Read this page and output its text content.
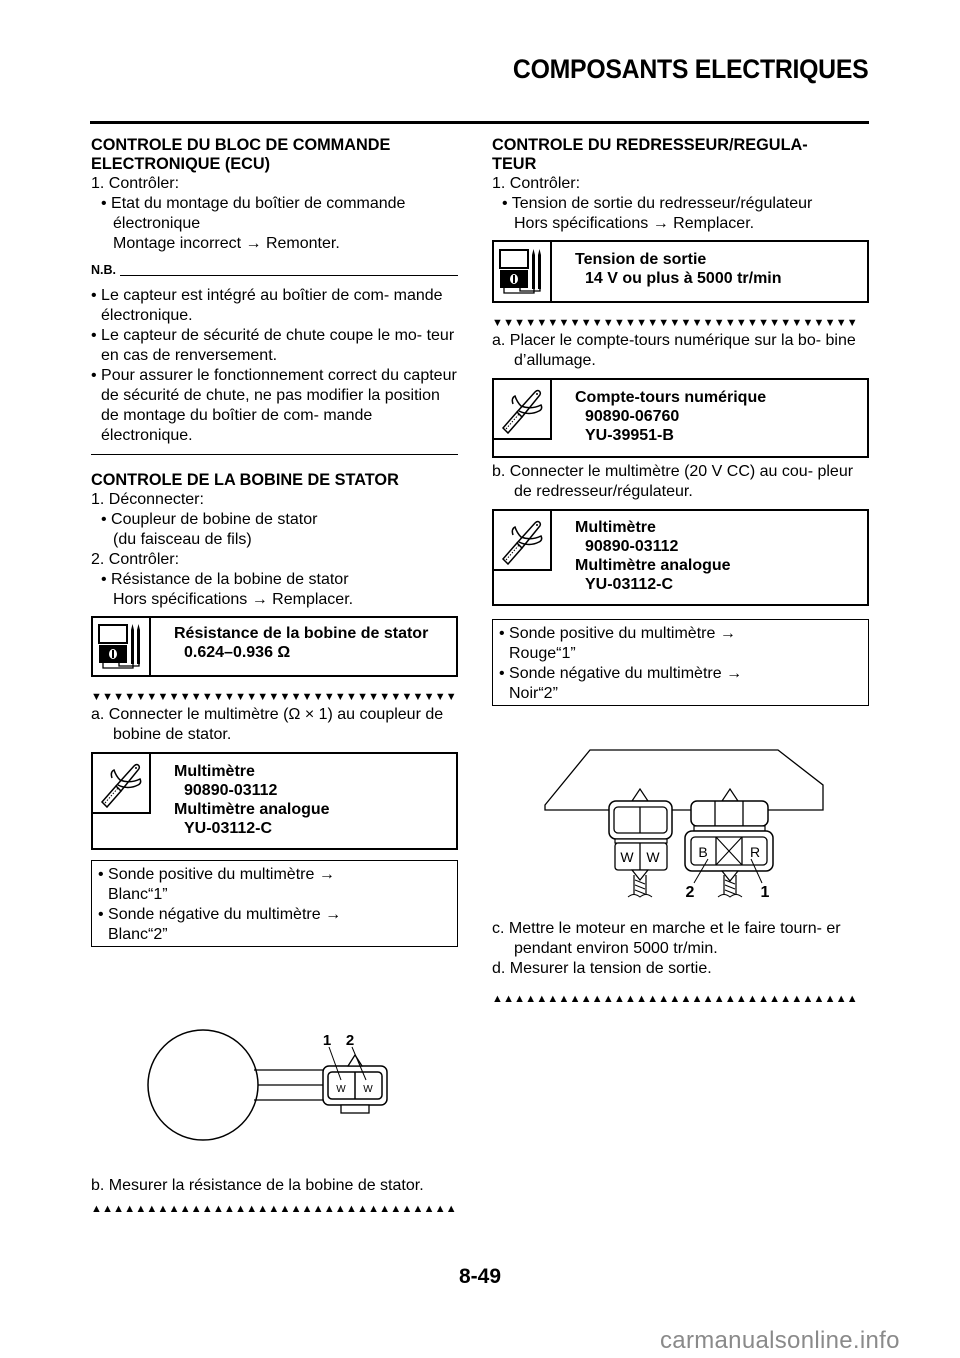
COMPOSANTS ELECTRIQUES
CONTROLE DU BLOC DE COMMANDE
ELECTRONIQUE (ECU)
1. Contrôler:
• Etat du montage du boîtier de commande
électronique
Montage incorrect → Remonter.
N.B.
• Le capteur est intégré au boîtier de com- mande électronique.
• Le capteur de sécurité de chute coupe le mo- teur en cas de renversement.
• Pour assurer le fonctionnement correct du capteur de sécurité de chute, ne pas modifier la position de montage du boîtier de com- mande électronique.
CONTROLE DE LA BOBINE DE STATOR
1. Déconnecter:
• Coupleur de bobine de stator
(du faisceau de fils)
2. Contrôler:
• Résistance de la bobine de stator
Hors spécifications → Remplacer.
Résistance de la bobine de stator
0.624–0.936 Ω
▼▼▼▼▼▼▼▼▼▼▼▼▼▼▼▼▼▼▼▼▼▼▼▼▼▼▼▼▼▼▼▼▼
a. Connecter le multimètre (Ω × 1) au coupleur de bobine de stator.
Multimètre
90890-03112
Multimètre analogue
YU-03112-C
• Sonde positive du multimètre →
Blanc“1”
• Sonde négative du multimètre →
Blanc“2”
W W
1 2
b. Mesurer la résistance de la bobine de stator.
▲▲▲▲▲▲▲▲▲▲▲▲▲▲▲▲▲▲▲▲▲▲▲▲▲▲▲▲▲▲▲▲▲
CONTROLE DU REDRESSEUR/REGULA-
TEUR
1. Contrôler:
• Tension de sortie du redresseur/régulateur
Hors spécifications → Remplacer.
Tension de sortie
14 V ou plus à 5000 tr/min
▼▼▼▼▼▼▼▼▼▼▼▼▼▼▼▼▼▼▼▼▼▼▼▼▼▼▼▼▼▼▼▼▼
a. Placer le compte-tours numérique sur la bo- bine d’allumage.
Compte-tours numérique
90890-06760
YU-39951-B
b. Connecter le multimètre (20 V CC) au cou- pleur de redresseur/régulateur.
Multimètre
90890-03112
Multimètre analogue
YU-03112-C
• Sonde positive du multimètre →
Rouge“1”
• Sonde négative du multimètre →
Noir“2”
W W	B	R
2	1
c. Mettre le moteur en marche et le faire tourn- er pendant environ 5000 tr/min.
d. Mesurer la tension de sortie.
▲▲▲▲▲▲▲▲▲▲▲▲▲▲▲▲▲▲▲▲▲▲▲▲▲▲▲▲▲▲▲▲▲
8-49
carmanualsonline.info
